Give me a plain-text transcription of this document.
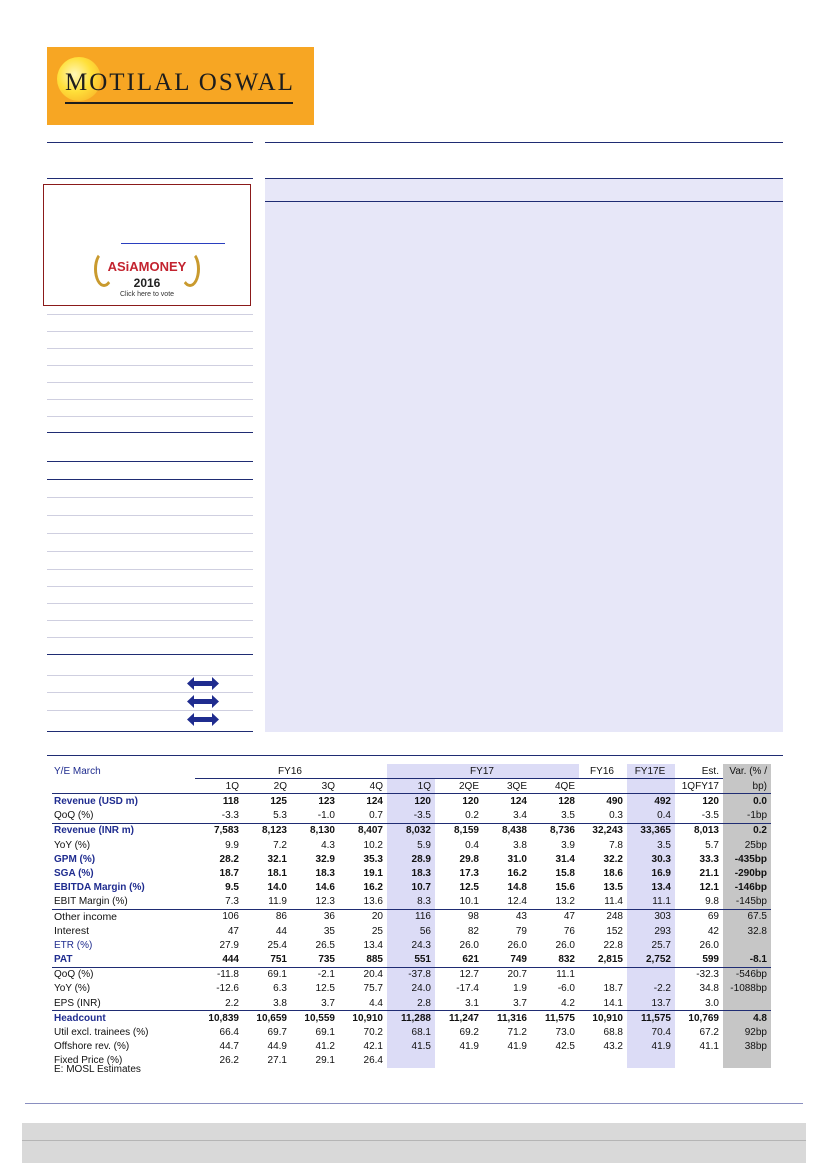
MOTILAL OSWAL
ASiAMONEY
2016
Click here to vote
Y/E March	FY16				FY17				FY16	FY17E	Est.	Var. (% /
	1Q	2Q	3Q	4Q	1Q	2QE	3QE	4QE			1QFY17	bp)
Revenue (USD m)	118	125	123	124	120	120	124	128	490	492	120	0.0
QoQ (%)	-3.3	5.3	-1.0	0.7	-3.5	0.2	3.4	3.5	0.3	0.4	-3.5	-1bp
Revenue (INR m)	7,583	8,123	8,130	8,407	8,032	8,159	8,438	8,736	32,243	33,365	8,013	0.2
YoY (%)	9.9	7.2	4.3	10.2	5.9	0.4	3.8	3.9	7.8	3.5	5.7	25bp
GPM (%)	28.2	32.1	32.9	35.3	28.9	29.8	31.0	31.4	32.2	30.3	33.3	-435bp
SGA (%)	18.7	18.1	18.3	19.1	18.3	17.3	16.2	15.8	18.6	16.9	21.1	-290bp
EBITDA Margin (%)	9.5	14.0	14.6	16.2	10.7	12.5	14.8	15.6	13.5	13.4	12.1	-146bp
EBIT Margin (%)	7.3	11.9	12.3	13.6	8.3	10.1	12.4	13.2	11.4	11.1	9.8	-145bp
Other income	106	86	36	20	116	98	43	47	248	303	69	67.5
Interest	47	44	35	25	56	82	79	76	152	293	42	32.8
ETR (%)	27.9	25.4	26.5	13.4	24.3	26.0	26.0	26.0	22.8	25.7	26.0	
PAT	444	751	735	885	551	621	749	832	2,815	2,752	599	-8.1
QoQ (%)	-11.8	69.1	-2.1	20.4	-37.8	12.7	20.7	11.1			-32.3	-546bp
YoY (%)	-12.6	6.3	12.5	75.7	24.0	-17.4	1.9	-6.0	18.7	-2.2	34.8	-1088bp
EPS (INR)	2.2	3.8	3.7	4.4	2.8	3.1	3.7	4.2	14.1	13.7	3.0	
Headcount	10,839	10,659	10,559	10,910	11,288	11,247	11,316	11,575	10,910	11,575	10,769	4.8
Util excl. trainees (%)	66.4	69.7	69.1	70.2	68.1	69.2	71.2	73.0	68.8	70.4	67.2	92bp
Offshore rev. (%)	44.7	44.9	41.2	42.1	41.5	41.9	41.9	42.5	43.2	41.9	41.1	38bp
Fixed Price (%)	26.2	27.1	29.1	26.4								
E: MOSL Estimates
